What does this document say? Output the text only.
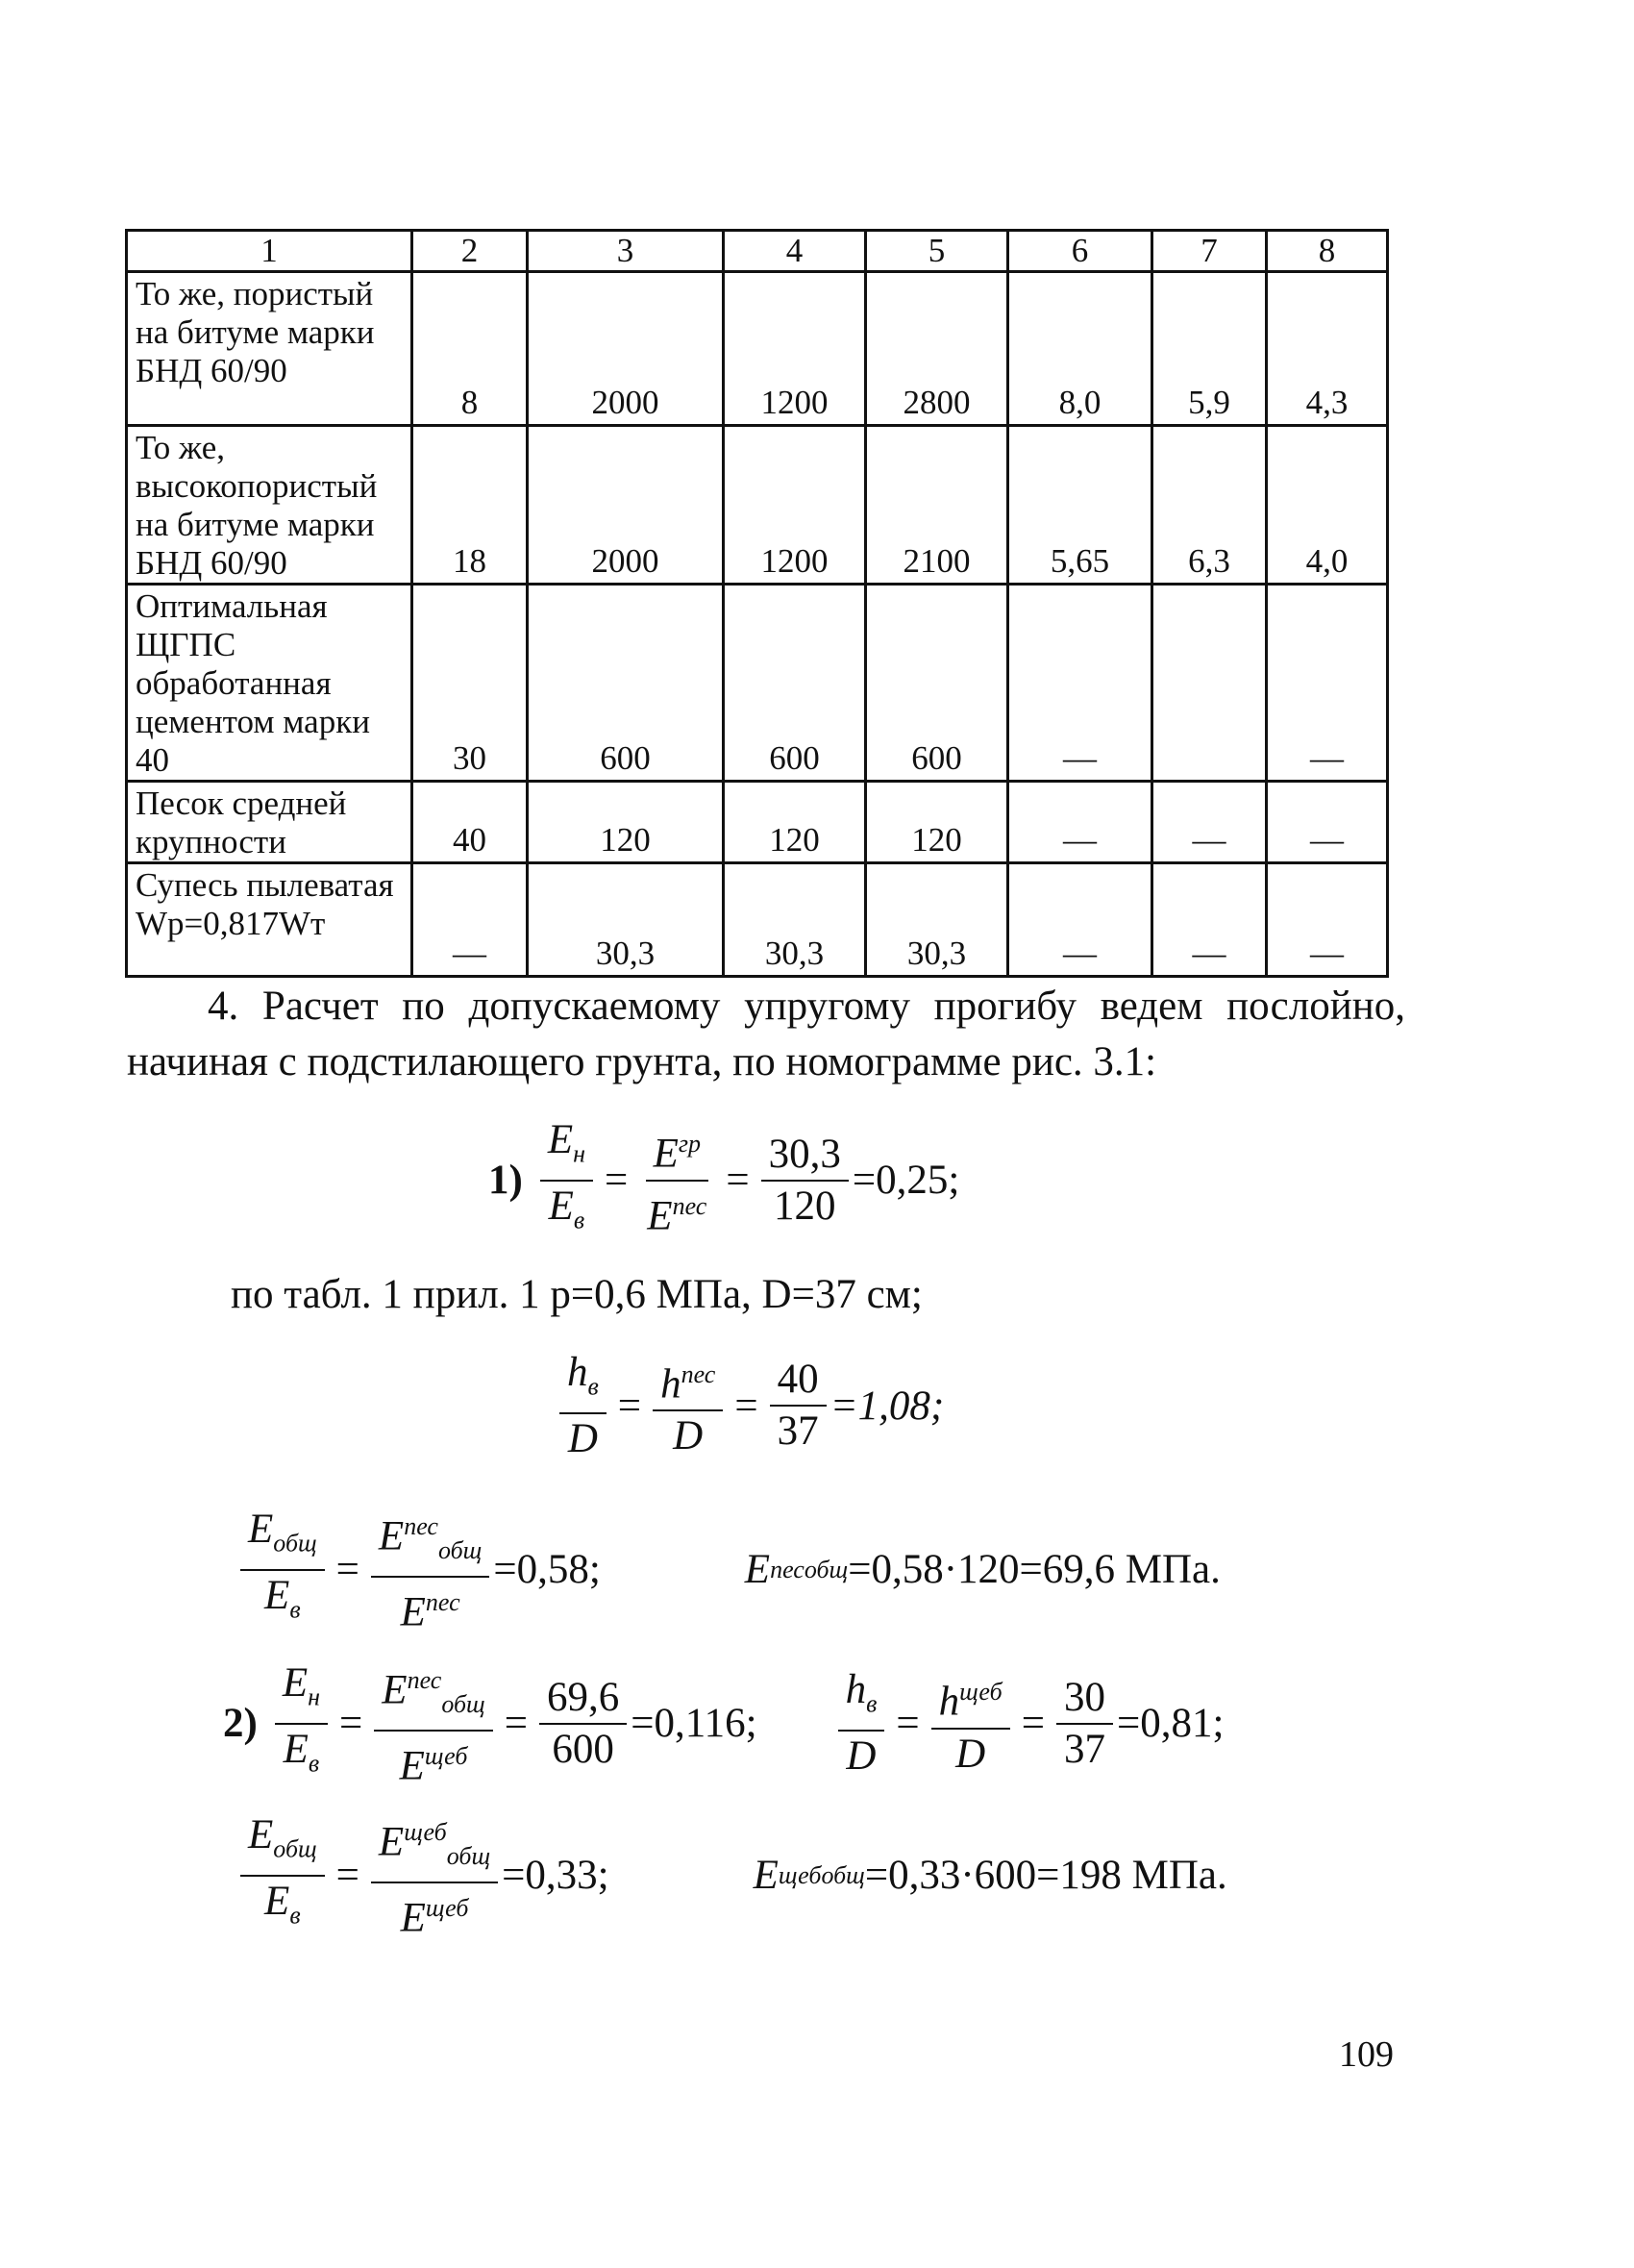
1	2	3	4	5	6	7	8
То же, пористый на битуме марки БНД 60/90	8	2000	1200	2800	8,0	5,9	4,3
То же, высокопористый на битуме марки БНД 60/90	18	2000	1200	2100	5,65	6,3	4,0
Оптимальная ЩГПС обработанная цементом марки 40	30	600	600	600	—		—
Песок средней крупности	40	120	120	120	—	—	—
Супесь пылеватая Wp=0,817Wт	—	30,3	30,3	30,3	—	—	—

4. Расчет по допускаемому упругому прогибу ведем послойно, начиная с подстилающего грунта, по номограмме рис. 3.1:

$1) \frac{E_н}{E_в} = \frac{E^{гр}}{E^{пес}} = \frac{30,3}{120} =0,25$;

по табл. 1 прил. 1 р=0,6 МПа, D=37 см;

$\frac{h_в}{D} = \frac{h^{пес}}{D} = \frac{40}{37} =1,08$;
$\frac{E_{общ}}{E_в} = \frac{E^{пес}_{общ}}{E^{пес}} =0,58$;	E пес общ =0,58·120=69,6 МПа.
$2) \frac{E_н}{E_в} = \frac{E^{пес}_{общ}}{E^{щеб}} = \frac{69,6}{600} =0,116$; $\frac{h_в}{D} = \frac{h^{щеб}}{D} = \frac{30}{37} =0,81$;
$\frac{E_{общ}}{E_в} = \frac{E^{щеб}_{общ}}{E^{щеб}} =0,33$;	E щеб общ =0,33·600=198 МПа.
109
